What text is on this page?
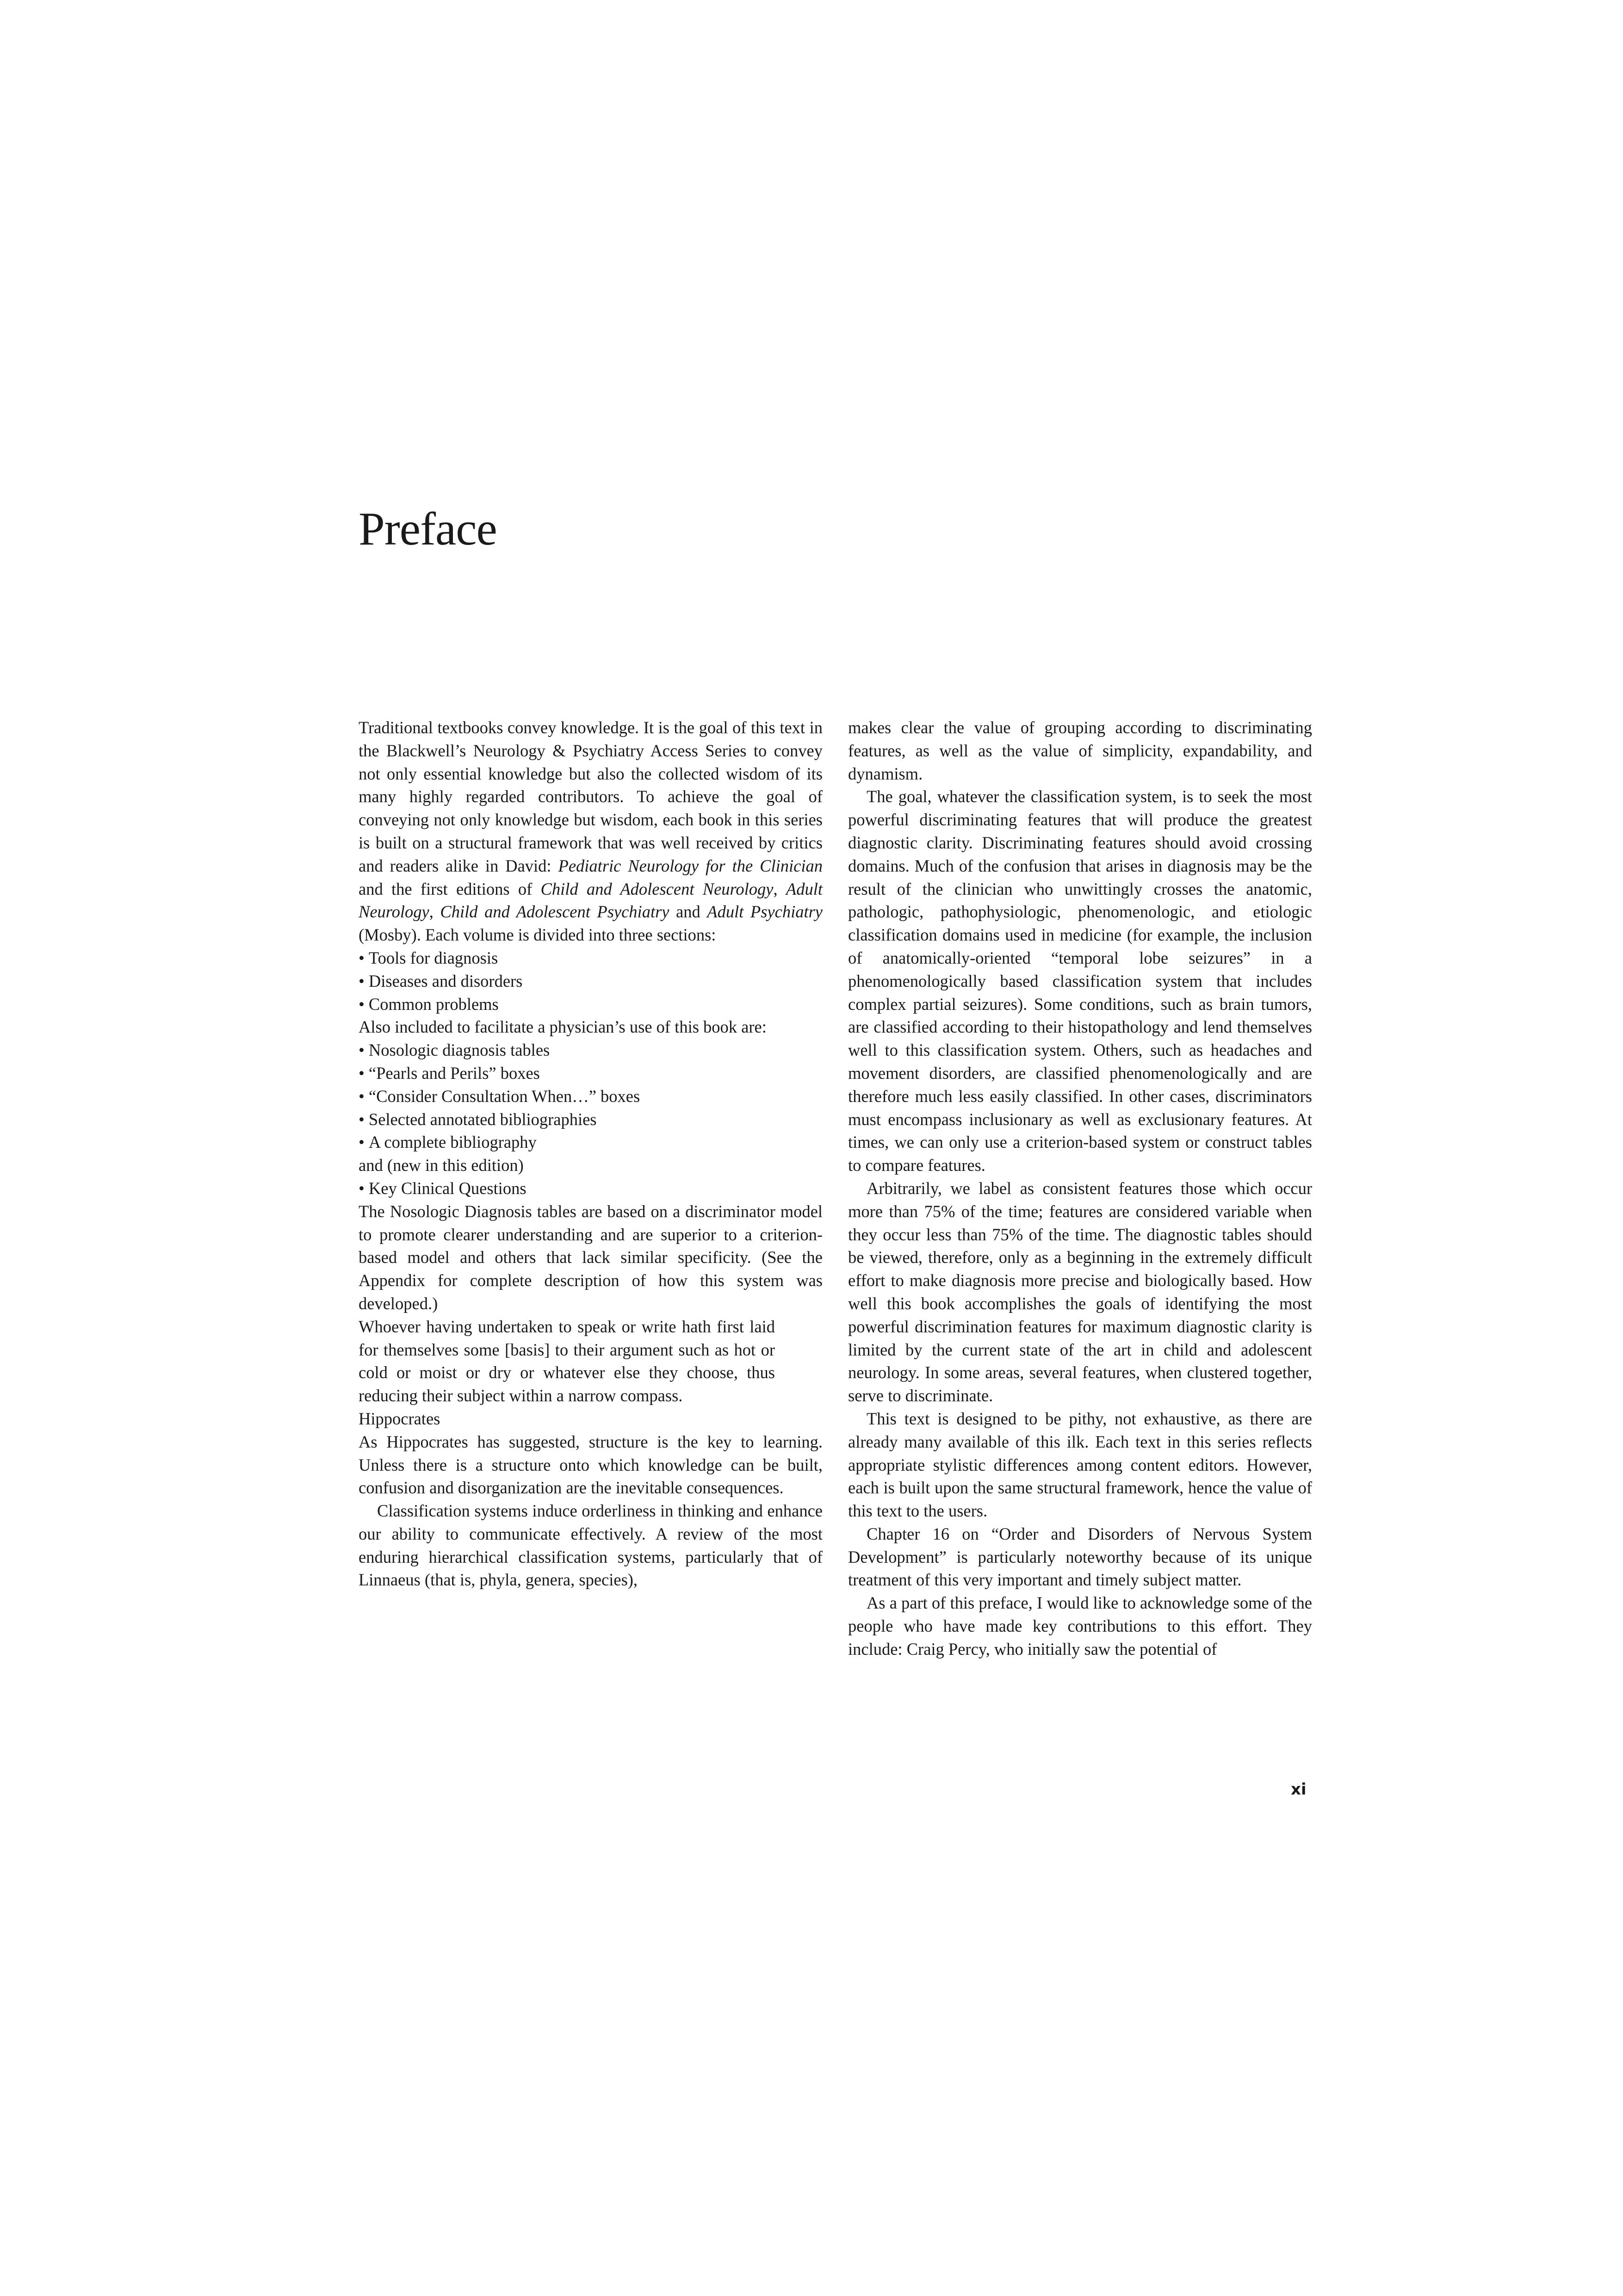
Preface

Traditional textbooks convey knowledge. It is the goal of this text in the Blackwell’s Neurology & Psychiatry Access Series to convey not only essential knowledge but also the collected wisdom of its many highly regarded contributors. To achieve the goal of conveying not only knowledge but wisdom, each book in this series is built on a structural framework that was well received by critics and readers alike in David: Pediatric Neurology for the Clinician and the first editions of Child and Adolescent Neurology, Adult Neurology, Child and Adolescent Psychiatry and Adult Psychiatry (Mosby). Each volume is divided into three sections:

• Tools for diagnosis
• Diseases and disorders
• Common problems

Also included to facilitate a physician’s use of this book are:

• Nosologic diagnosis tables
• “Pearls and Perils” boxes
• “Consider Consultation When…” boxes
• Selected annotated bibliographies
• A complete bibliography

and (new in this edition)

• Key Clinical Questions

The Nosologic Diagnosis tables are based on a discriminator model to promote clearer understanding and are superior to a criterion-based model and others that lack similar specificity. (See the Appendix for complete description of how this system was developed.)

Whoever having undertaken to speak or write hath first laid for themselves some [basis] to their argument such as hot or cold or moist or dry or whatever else they choose, thus reducing their subject within a narrow compass.

Hippocrates

As Hippocrates has suggested, structure is the key to learning. Unless there is a structure onto which knowledge can be built, confusion and disorganization are the inevitable consequences.

Classification systems induce orderliness in thinking and enhance our ability to communicate effectively. A review of the most enduring hierarchical classification systems, particularly that of Linnaeus (that is, phyla, genera, species),

makes clear the value of grouping according to discriminating features, as well as the value of simplicity, expandability, and dynamism.

The goal, whatever the classification system, is to seek the most powerful discriminating features that will produce the greatest diagnostic clarity. Discriminating features should avoid crossing domains. Much of the confusion that arises in diagnosis may be the result of the clinician who unwittingly crosses the anatomic, pathologic, pathophysiologic, phenomenologic, and etiologic classification domains used in medicine (for example, the inclusion of anatomically-oriented “temporal lobe seizures” in a phenomenologically based classification system that includes complex partial seizures). Some conditions, such as brain tumors, are classified according to their histopathology and lend themselves well to this classification system. Others, such as headaches and movement disorders, are classified phenomenologically and are therefore much less easily classified. In other cases, discriminators must encompass inclusionary as well as exclusionary features. At times, we can only use a criterion-based system or construct tables to compare features.

Arbitrarily, we label as consistent features those which occur more than 75% of the time; features are considered variable when they occur less than 75% of the time. The diagnostic tables should be viewed, therefore, only as a beginning in the extremely difficult effort to make diagnosis more precise and biologically based. How well this book accomplishes the goals of identifying the most powerful discrimination features for maximum diagnostic clarity is limited by the current state of the art in child and adolescent neurology. In some areas, several features, when clustered together, serve to discriminate.

This text is designed to be pithy, not exhaustive, as there are already many available of this ilk. Each text in this series reflects appropriate stylistic differences among content editors. However, each is built upon the same structural framework, hence the value of this text to the users.

Chapter 16 on “Order and Disorders of Nervous System Development” is particularly noteworthy because of its unique treatment of this very important and timely subject matter.

As a part of this preface, I would like to acknowledge some of the people who have made key contributions to this effort. They include: Craig Percy, who initially saw the potential of

xi
